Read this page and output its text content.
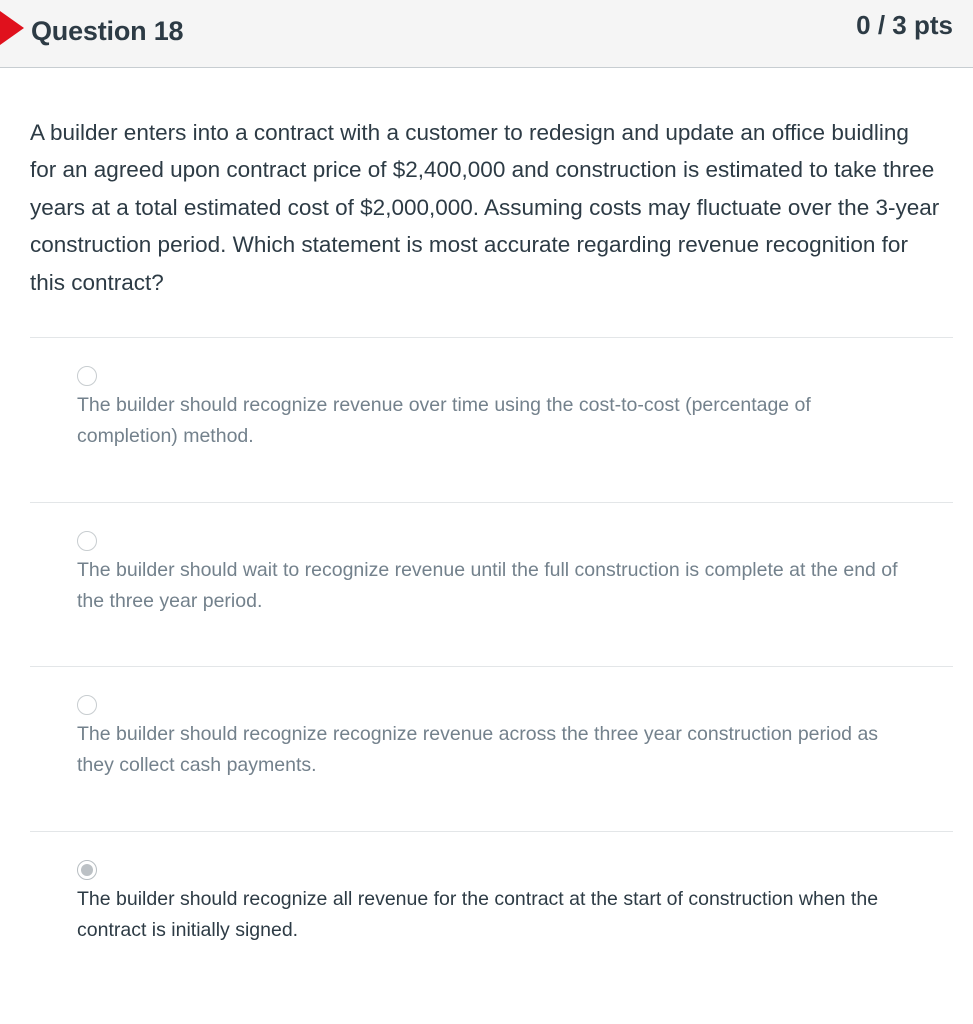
Question 18	0 / 3 pts
A builder enters into a contract with a customer to redesign and update an office buidling for an agreed upon contract price of $2,400,000 and construction is estimated to take three years at a total estimated cost of $2,000,000. Assuming costs may fluctuate over the 3-year construction period. Which statement is most accurate regarding revenue recognition for this contract?
The builder should recognize revenue over time using the cost-to-cost (percentage of completion) method.
The builder should wait to recognize revenue until the full construction is complete at the end of the three year period.
The builder should recognize recognize revenue across the three year construction period as they collect cash payments.
The builder should recognize all revenue for the contract at the start of construction when the contract is initially signed.
